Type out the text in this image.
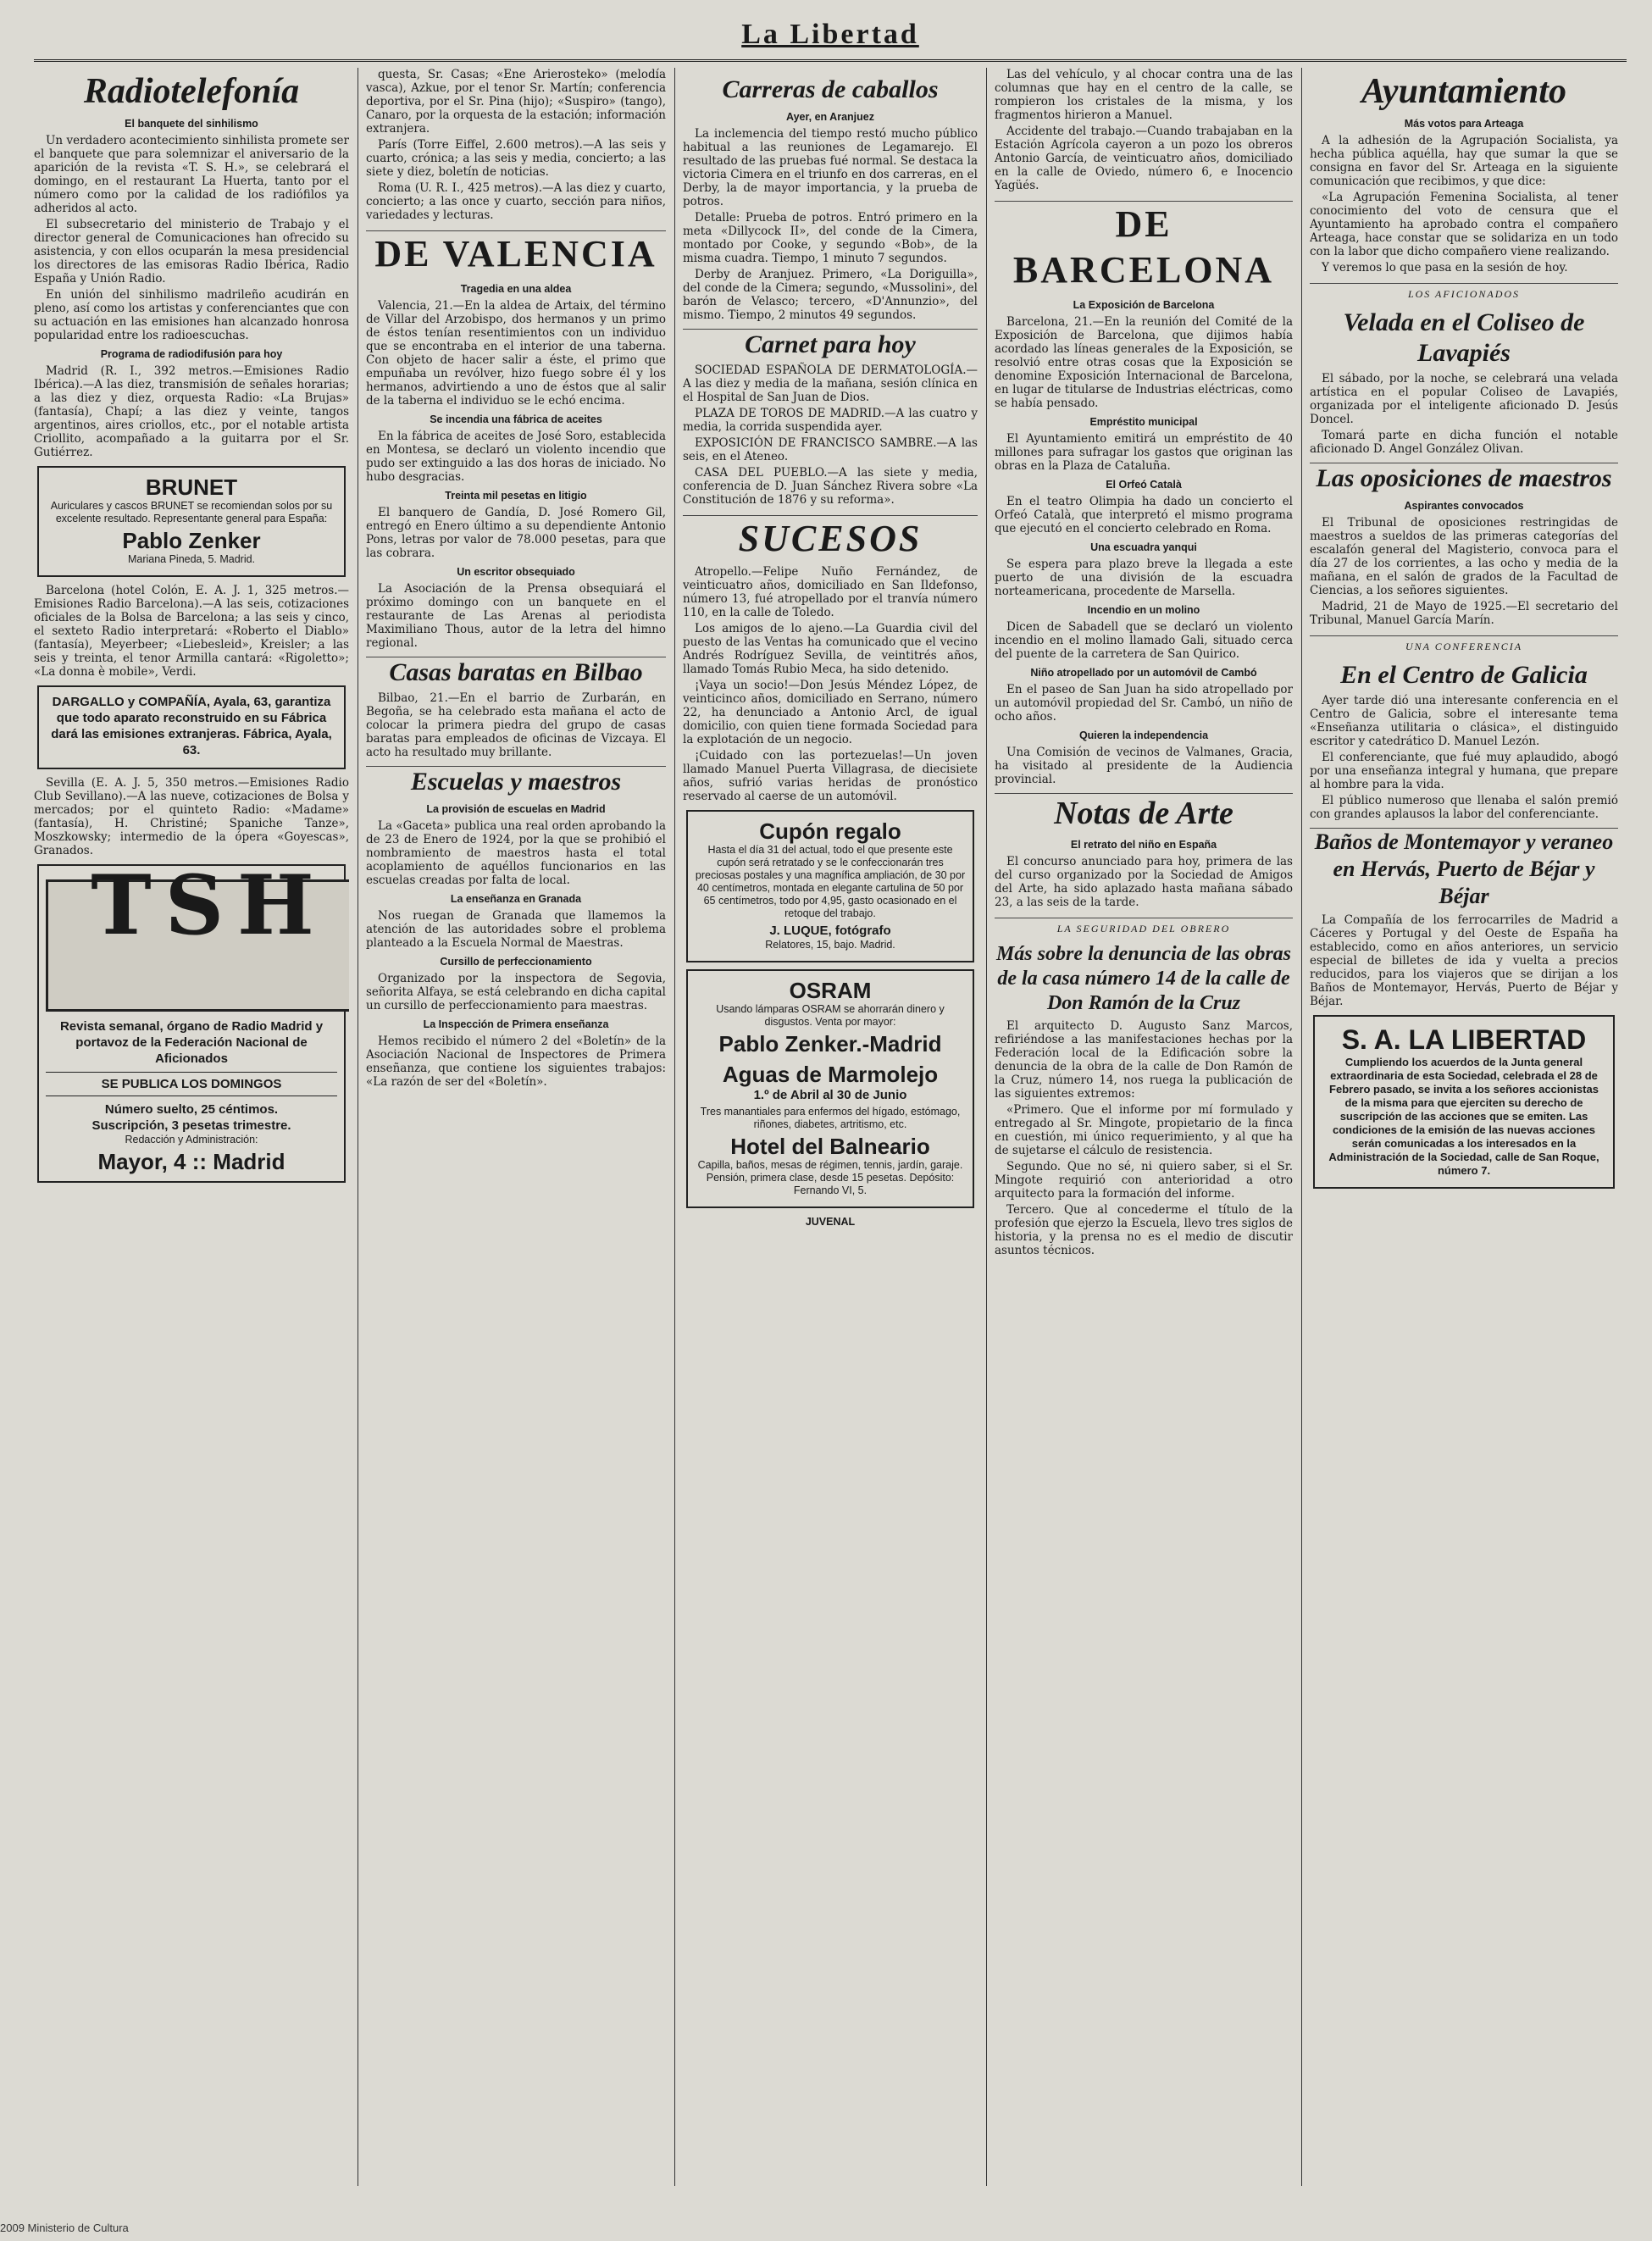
La Libertad
Radiotelefonía
El banquete del sinhilismo

Un verdadero acontecimiento sinhilista promete ser el banquete que para solemnizar el aniversario de la aparición de la revista «T. S. H.», se celebrará el domingo, en el restaurant La Huerta, tanto por el número como por la calidad de los radiófilos ya adheridos al acto.

El subsecretario del ministerio de Trabajo y el director general de Comunicaciones han ofrecido su asistencia, y con ellos ocuparán la mesa presidencial los directores de las emisoras Radio Ibérica, Radio España y Unión Radio.

En unión del sinhilismo madrileño acudirán en pleno, así como los artistas y conferenciantes que con su actuación en las emisiones han alcanzado honrosa popularidad entre los radioescuchas.

Programa de radiodifusión para hoy

Madrid (R. I., 392 metros.—Emisiones Radio Ibérica).—A las diez, transmisión de señales horarias; a las diez y diez, orquesta Radio: «La Brujas» (fantasía), Chapí; a las diez y veinte, tangos argentinos, aires criollos, etc., por el notable artista Criollito, acompañado a la guitarra por el Sr. Gutiérrez.

BRUNET

Auriculares y cascos BRUNET se recomiendan solos por su excelente resultado. Representante general para España:

Pablo Zenker

Mariana Pineda, 5. Madrid.

Barcelona (hotel Colón, E. A. J. 1, 325 metros.—Emisiones Radio Barcelona).—A las seis, cotizaciones oficiales de la Bolsa de Barcelona; a las seis y cinco, el sexteto Radio interpretará: «Roberto el Diablo» (fantasía), Meyerbeer; «Liebesleid», Kreisler; a las seis y treinta, el tenor Armilla cantará: «Rigoletto»; «La donna è mobile», Verdi.

DARGALLO y COMPAÑÍA, Ayala, 63, garantiza que todo aparato reconstruido en su Fábrica dará las emisiones extranjeras. Fábrica, Ayala, 63.

Sevilla (E. A. J. 5, 350 metros.—Emisiones Radio Club Sevillano).—A las nueve, cotizaciones de Bolsa y mercados; por el quinteto Radio: «Madame» (fantasía), H. Christiné; Spaniche Tanze», Moszkowsky; intermedio de la ópera «Goyescas», Granados.

TSH

Revista semanal, órgano de Radio Madrid y portavoz de la Federación Nacional de Aficionados

SE PUBLICA LOS DOMINGOS
Número suelto, 25 céntimos.
Suscripción, 3 pesetas trimestre.

Redacción y Administración:

Mayor, 4 :: Madrid

questa, Sr. Casas; «Ene Arierosteko» (melodía vasca), Azkue, por el tenor Sr. Martín; conferencia deportiva, por el Sr. Pina (hijo); «Suspiro» (tango), Canaro, por la orquesta de la estación; información extranjera.

París (Torre Eiffel, 2.600 metros).—A las seis y cuarto, crónica; a las seis y media, concierto; a las siete y diez, boletín de noticias.

Roma (U. R. I., 425 metros).—A las diez y cuarto, concierto; a las once y cuarto, sección para niños, variedades y lecturas.

DE VALENCIA
Tragedia en una aldea

Valencia, 21.—En la aldea de Artaix, del término de Villar del Arzobispo, dos hermanos y un primo de éstos tenían resentimientos con un individuo que se encontraba en el interior de una taberna. Con objeto de hacer salir a éste, el primo que empuñaba un revólver, hizo fuego sobre él y los hermanos, advirtiendo a uno de éstos que al salir de la taberna el individuo se le echó encima.

Se incendia una fábrica de aceites

En la fábrica de aceites de José Soro, establecida en Montesa, se declaró un violento incendio que pudo ser extinguido a las dos horas de iniciado. No hubo desgracias.

Treinta mil pesetas en litigio

El banquero de Gandía, D. José Romero Gil, entregó en Enero último a su dependiente Antonio Pons, letras por valor de 78.000 pesetas, para que las cobrara.

Un escritor obsequiado

La Asociación de la Prensa obsequiará el próximo domingo con un banquete en el restaurante de Las Arenas al periodista Maximiliano Thous, autor de la letra del himno regional.

Casas baratas en Bilbao

Bilbao, 21.—En el barrio de Zurbarán, en Begoña, se ha celebrado esta mañana el acto de colocar la primera piedra del grupo de casas baratas para empleados de oficinas de Vizcaya. El acto ha resultado muy brillante.

Escuelas y maestros
La provisión de escuelas en Madrid

La «Gaceta» publica una real orden aprobando la de 23 de Enero de 1924, por la que se prohibió el nombramiento de maestros hasta el total acoplamiento de aquéllos funcionarios en las escuelas creadas por falta de local.

La enseñanza en Granada

Nos ruegan de Granada que llamemos la atención de las autoridades sobre el problema planteado a la Escuela Normal de Maestras.

Cursillo de perfeccionamiento

Organizado por la inspectora de Segovia, señorita Alfaya, se está celebrando en dicha capital un cursillo de perfeccionamiento para maestras.

La Inspección de Primera enseñanza

Hemos recibido el número 2 del «Boletín» de la Asociación Nacional de Inspectores de Primera enseñanza, que contiene los siguientes trabajos: «La razón de ser del «Boletín».

Carreras de caballos
Ayer, en Aranjuez

La inclemencia del tiempo restó mucho público habitual a las reuniones de Legamarejo. El resultado de las pruebas fué normal. Se destaca la victoria Cimera en el triunfo en dos carreras, en el Derby, la de mayor importancia, y la prueba de potros.

Detalle: Prueba de potros. Entró primero en la meta «Dillycock II», del conde de la Cimera, montado por Cooke, y segundo «Bob», de la misma cuadra. Tiempo, 1 minuto 7 segundos.

Derby de Aranjuez. Primero, «La Doriguilla», del conde de la Cimera; segundo, «Mussolini», del barón de Velasco; tercero, «D'Annunzio», del mismo. Tiempo, 2 minutos 49 segundos.

Carnet para hoy

SOCIEDAD ESPAÑOLA DE DERMATOLOGÍA.—A las diez y media de la mañana, sesión clínica en el Hospital de San Juan de Dios.

PLAZA DE TOROS DE MADRID.—A las cuatro y media, la corrida suspendida ayer.

EXPOSICIÓN DE FRANCISCO SAMBRE.—A las seis, en el Ateneo.

CASA DEL PUEBLO.—A las siete y media, conferencia de D. Juan Sánchez Rivera sobre «La Constitución de 1876 y su reforma».

SUCESOS

Atropello.—Felipe Nuño Fernández, de veinticuatro años, domiciliado en San Ildefonso, número 13, fué atropellado por el tranvía número 110, en la calle de Toledo.

Los amigos de lo ajeno.—La Guardia civil del puesto de las Ventas ha comunicado que el vecino Andrés Rodríguez Sevilla, de veintitrés años, llamado Tomás Rubio Meca, ha sido detenido.

¡Vaya un socio!—Don Jesús Méndez López, de veinticinco años, domiciliado en Serrano, número 22, ha denunciado a Antonio Arcl, de igual domicilio, con quien tiene formada Sociedad para la explotación de un negocio.

¡Cuidado con las portezuelas!—Un joven llamado Manuel Puerta Villagrasa, de diecisiete años, sufrió varias heridas de pronóstico reservado al caerse de un automóvil.

Cupón regalo

Hasta el día 31 del actual, todo el que presente este cupón será retratado y se le confeccionarán tres preciosas postales y una magnífica ampliación, de 30 por 40 centímetros, montada en elegante cartulina de 50 por 65 centímetros, todo por 4,95, gasto ocasionado en el retoque del trabajo.

J. LUQUE, fotógrafo

Relatores, 15, bajo. Madrid.

OSRAM

Usando lámparas OSRAM se ahorrarán dinero y disgustos. Venta por mayor:

Pablo Zenker.-Madrid
Aguas de Marmolejo

1.º de Abril al 30 de Junio

Tres manantiales para enfermos del hígado, estómago, riñones, diabetes, artritismo, etc.

Hotel del Balneario

Capilla, baños, mesas de régimen, tennis, jardín, garaje. Pensión, primera clase, desde 15 pesetas. Depósito: Fernando VI, 5.

JUVENAL

Las del vehículo, y al chocar contra una de las columnas que hay en el centro de la calle, se rompieron los cristales de la misma, y los fragmentos hirieron a Manuel.

Accidente del trabajo.—Cuando trabajaban en la Estación Agrícola cayeron a un pozo los obreros Antonio García, de veinticuatro años, domiciliado en la calle de Oviedo, número 6, e Inocencio Yagüés.

DE BARCELONA
La Exposición de Barcelona

Barcelona, 21.—En la reunión del Comité de la Exposición de Barcelona, que dijimos había acordado las líneas generales de la Exposición, se resolvió entre otras cosas que la Exposición se denomine Exposición Internacional de Barcelona, en lugar de titularse de Industrias eléctricas, como se había pensado.

Empréstito municipal

El Ayuntamiento emitirá un empréstito de 40 millones para sufragar los gastos que originan las obras en la Plaza de Cataluña.

El Orfeó Català

En el teatro Olimpia ha dado un concierto el Orfeó Català, que interpretó el mismo programa que ejecutó en el concierto celebrado en Roma.

Una escuadra yanqui

Se espera para plazo breve la llegada a este puerto de una división de la escuadra norteamericana, procedente de Marsella.

Incendio en un molino

Dicen de Sabadell que se declaró un violento incendio en el molino llamado Gali, situado cerca del puente de la carretera de San Quirico.

Niño atropellado por un automóvil de Cambó

En el paseo de San Juan ha sido atropellado por un automóvil propiedad del Sr. Cambó, un niño de ocho años.

Quieren la independencia

Una Comisión de vecinos de Valmanes, Gracia, ha visitado al presidente de la Audiencia provincial.

Notas de Arte
El retrato del niño en España

El concurso anunciado para hoy, primera de las del curso organizado por la Sociedad de Amigos del Arte, ha sido aplazado hasta mañana sábado 23, a las seis de la tarde.

LA SEGURIDAD DEL OBRERO
Más sobre la denuncia de las obras de la casa número 14 de la calle de Don Ramón de la Cruz

El arquitecto D. Augusto Sanz Marcos, refiriéndose a las manifestaciones hechas por la Federación local de la Edificación sobre la denuncia de la obra de la calle de Don Ramón de la Cruz, número 14, nos ruega la publicación de las siguientes extremos:

«Primero. Que el informe por mí formulado y entregado al Sr. Mingote, propietario de la finca en cuestión, mi único requerimiento, y al que ha de sujetarse el cálculo de resistencia.

Segundo. Que no sé, ni quiero saber, si el Sr. Mingote requirió con anterioridad a otro arquitecto para la formación del informe.

Tercero. Que al concederme el título de la profesión que ejerzo la Escuela, llevo tres siglos de historia, y la prensa no es el medio de discutir asuntos técnicos.

Ayuntamiento
Más votos para Arteaga

A la adhesión de la Agrupación Socialista, ya hecha pública aquélla, hay que sumar la que se consigna en favor del Sr. Arteaga en la siguiente comunicación que recibimos, y que dice:

«La Agrupación Femenina Socialista, al tener conocimiento del voto de censura que el Ayuntamiento ha aprobado contra el compañero Arteaga, hace constar que se solidariza en un todo con la labor que dicho compañero viene realizando.

Y veremos lo que pasa en la sesión de hoy.

LOS AFICIONADOS
Velada en el Coliseo de Lavapiés

El sábado, por la noche, se celebrará una velada artística en el popular Coliseo de Lavapiés, organizada por el inteligente aficionado D. Jesús Doncel.

Tomará parte en dicha función el notable aficionado D. Angel González Olivan.

Las oposiciones de maestros
Aspirantes convocados

El Tribunal de oposiciones restringidas de maestros a sueldos de las primeras categorías del escalafón general del Magisterio, convoca para el día 27 de los corrientes, a las ocho y media de la mañana, en el salón de grados de la Facultad de Ciencias, a los señores siguientes.

Madrid, 21 de Mayo de 1925.—El secretario del Tribunal, Manuel García Marín.

UNA CONFERENCIA
En el Centro de Galicia

Ayer tarde dió una interesante conferencia en el Centro de Galicia, sobre el interesante tema «Enseñanza utilitaria o clásica», el distinguido escritor y catedrático D. Manuel Lezón.

El conferenciante, que fué muy aplaudido, abogó por una enseñanza integral y humana, que prepare al hombre para la vida.

El público numeroso que llenaba el salón premió con grandes aplausos la labor del conferenciante.

Baños de Montemayor y veraneo en Hervás, Puerto de Béjar y Béjar

La Compañía de los ferrocarriles de Madrid a Cáceres y Portugal y del Oeste de España ha establecido, como en años anteriores, un servicio especial de billetes de ida y vuelta a precios reducidos, para los viajeros que se dirijan a los Baños de Montemayor, Hervás, Puerto de Béjar y Béjar.

S. A. LA LIBERTAD

Cumpliendo los acuerdos de la Junta general extraordinaria de esta Sociedad, celebrada el 28 de Febrero pasado, se invita a los señores accionistas de la misma para que ejerciten su derecho de suscripción de las acciones que se emiten. Las condiciones de la emisión de las nuevas acciones serán comunicadas a los interesados en la Administración de la Sociedad, calle de San Roque, número 7.

2009 Ministerio de Cultura
